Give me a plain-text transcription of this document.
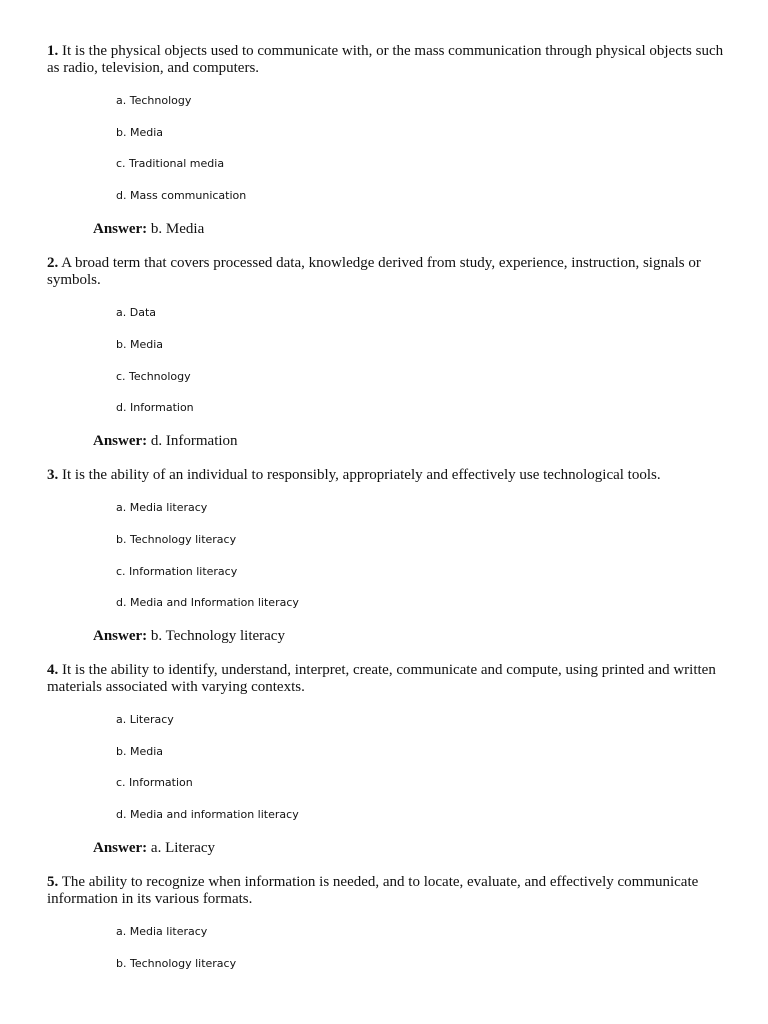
1. It is the physical objects used to communicate with, or the mass communication through physical objects such as radio, television, and computers.
a. Technology
b. Media
c. Traditional media
d. Mass communication
Answer: b. Media
2. A broad term that covers processed data, knowledge derived from study, experience, instruction, signals or symbols.
a. Data
b. Media
c. Technology
d. Information
Answer: d. Information
3. It is the ability of an individual to responsibly, appropriately and effectively use technological tools.
a. Media literacy
b. Technology literacy
c. Information literacy
d. Media and Information literacy
Answer: b. Technology literacy
4. It is the ability to identify, understand, interpret, create, communicate and compute, using printed and written materials associated with varying contexts.
a. Literacy
b. Media
c. Information
d. Media and information literacy
Answer: a. Literacy
5. The ability to recognize when information is needed, and to locate, evaluate, and effectively communicate information in its various formats.
a. Media literacy
b. Technology literacy
